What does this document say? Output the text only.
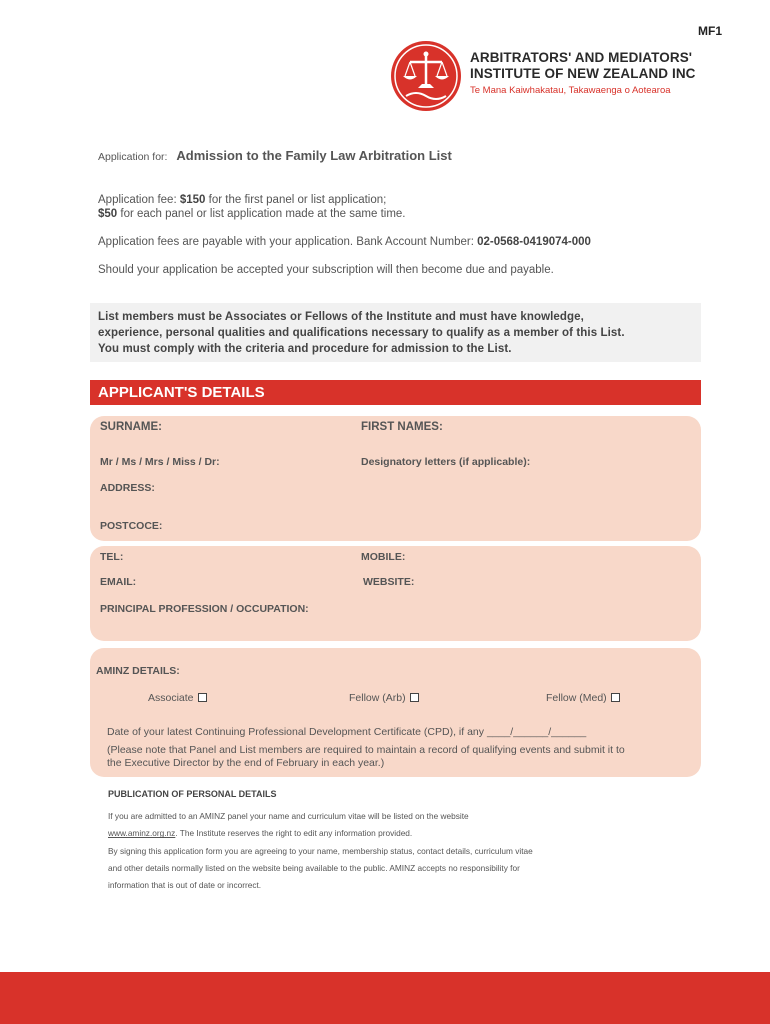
MF1
ARBITRATORS' AND MEDIATORS'
INSTITUTE OF NEW ZEALAND INC
Te Mana Kaiwhakatau, Takawaenga o Aotearoa
Application for: Admission to the Family Law Arbitration List
Application fee: $150 for the first panel or list application;
$50 for each panel or list application made at the same time.
Application fees are payable with your application. Bank Account Number: 02-0568-0419074-000
Should your application be accepted your subscription will then become due and payable.

List members must be Associates or Fellows of the Institute and must have knowledge,

experience, personal qualities and qualifications necessary to qualify as a member of this List.

You must comply with the criteria and procedure for admission to the List.

APPLICANT'S DETAILS
SURNAME:	FIRST NAMES:
Mr / Ms / Mrs / Miss / Dr:	Designatory letters (if applicable):
ADDRESS:
POSTCOCE:
TEL:	MOBILE:
EMAIL:	WEBSITE:
PRINCIPAL PROFESSION / OCCUPATION:
AMINZ DETAILS:
Associate	Fellow (Arb)	Fellow (Med)
Date of your latest Continuing Professional Development Certificate (CPD), if any ____/______/______
(Please note that Panel and List members are required to maintain a record of qualifying events and submit it to
the Executive Director by the end of February in each year.)
PUBLICATION OF PERSONAL DETAILS
If you are admitted to an AMINZ panel your name and curriculum vitae will be listed on the website
www.aminz.org.nz. The Institute reserves the right to edit any information provided.
By signing this application form you are agreeing to your name, membership status, contact details, curriculum vitae
and other details normally listed on the website being available to the public. AMINZ accepts no responsibility for
information that is out of date or incorrect.
